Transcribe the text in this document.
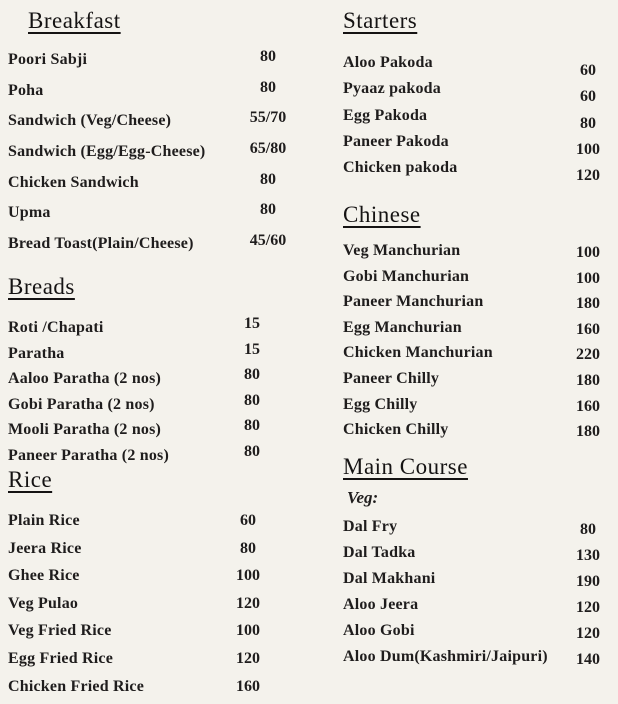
Breakfast
Poori Sabji	80
Poha	80
Sandwich (Veg/Cheese)	55/70
Sandwich (Egg/Egg-Cheese)	65/80
Chicken Sandwich	80
Upma	80
Bread Toast(Plain/Cheese)	45/60
Breads
Roti /Chapati	15
Paratha	15
Aaloo Paratha (2 nos)	80
Gobi Paratha (2 nos)	80
Mooli Paratha (2 nos)	80
Paneer Paratha (2 nos)	80
Rice
Plain Rice	60
Jeera Rice	80
Ghee Rice	100
Veg Pulao	120
Veg Fried Rice	100
Egg Fried Rice	120
Chicken Fried Rice	160
Starters
Aloo Pakoda	60
Pyaaz pakoda	60
Egg Pakoda	80
Paneer Pakoda	100
Chicken pakoda	120
Chinese
Veg Manchurian	100
Gobi Manchurian	100
Paneer Manchurian	180
Egg Manchurian	160
Chicken Manchurian	220
Paneer Chilly	180
Egg Chilly	160
Chicken Chilly	180
Main Course
Veg:
Dal Fry	80
Dal Tadka	130
Dal Makhani	190
Aloo Jeera	120
Aloo Gobi	120
Aloo Dum(Kashmiri/Jaipuri)	140
